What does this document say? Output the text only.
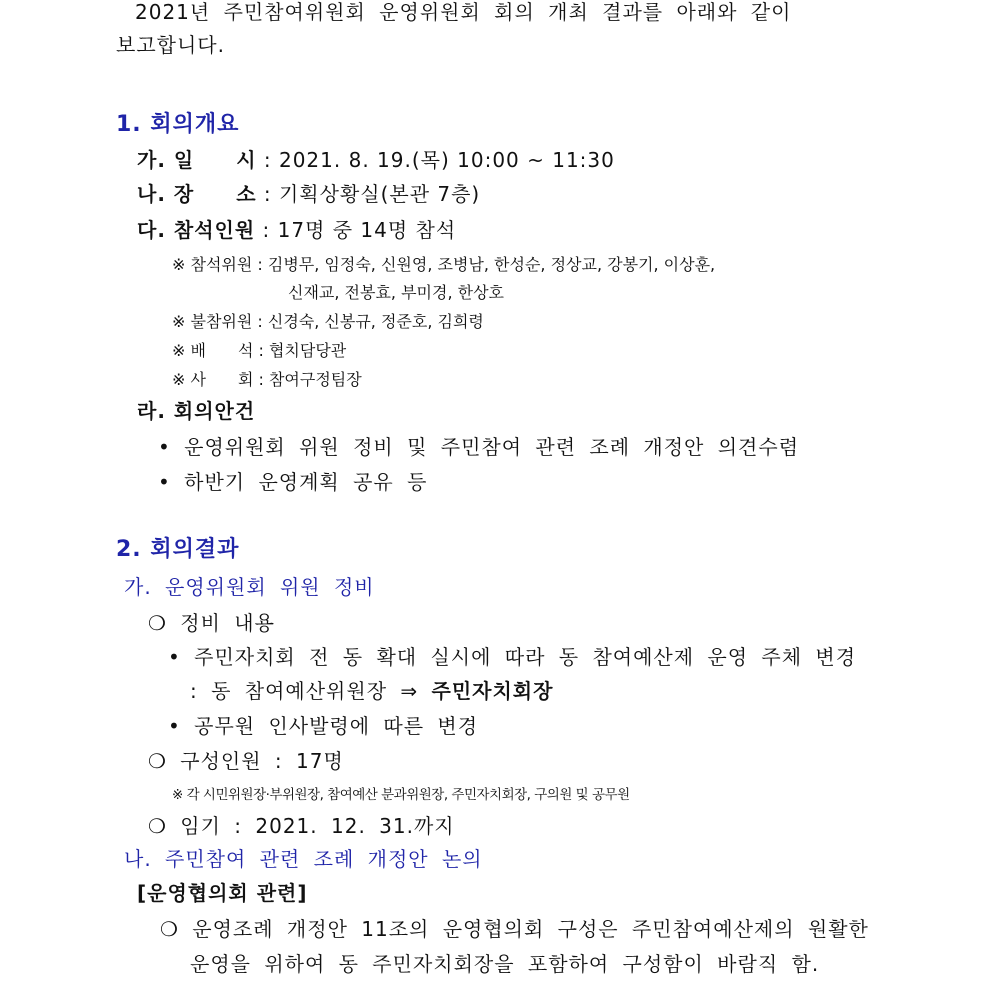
2021년 주민참여위원회 운영위원회 회의 개최 결과를 아래와 같이
보고합니다.
1. 회의개요
가. 일　　시 : 2021. 8. 19.(목) 10:00 ~ 11:30
나. 장　　소 : 기획상황실(본관 7층)
다. 참석인원 : 17명 중 14명 참석
※ 참석위원 : 김병무, 임정숙, 신원영, 조병남, 한성순, 정상교, 강봉기, 이상훈,
신재교, 전봉효, 부미경, 한상호
※ 불참위원 : 신경숙, 신봉규, 정준호, 김희령
※ 배　　석 : 협치담당관
※ 사　　회 : 참여구정팀장
라. 회의안건
• 운영위원회 위원 정비 및 주민참여 관련 조례 개정안 의견수렴
• 하반기 운영계획 공유 등
2. 회의결과
가. 운영위원회 위원 정비
❍ 정비 내용
• 주민자치회 전 동 확대 실시에 따라 동 참여예산제 운영 주체 변경
: 동 참여예산위원장 ⇒ 주민자치회장
• 공무원 인사발령에 따른 변경
❍ 구성인원 : 17명
※ 각 시민위원장·부위원장, 참여예산 분과위원장, 주민자치회장, 구의원 및 공무원
❍ 임기 : 2021. 12. 31.까지
나. 주민참여 관련 조례 개정안 논의
[운영협의회 관련]
❍ 운영조례 개정안 11조의 운영협의회 구성은 주민참여예산제의 원활한
운영을 위하여 동 주민자치회장을 포함하여 구성함이 바람직 함.
